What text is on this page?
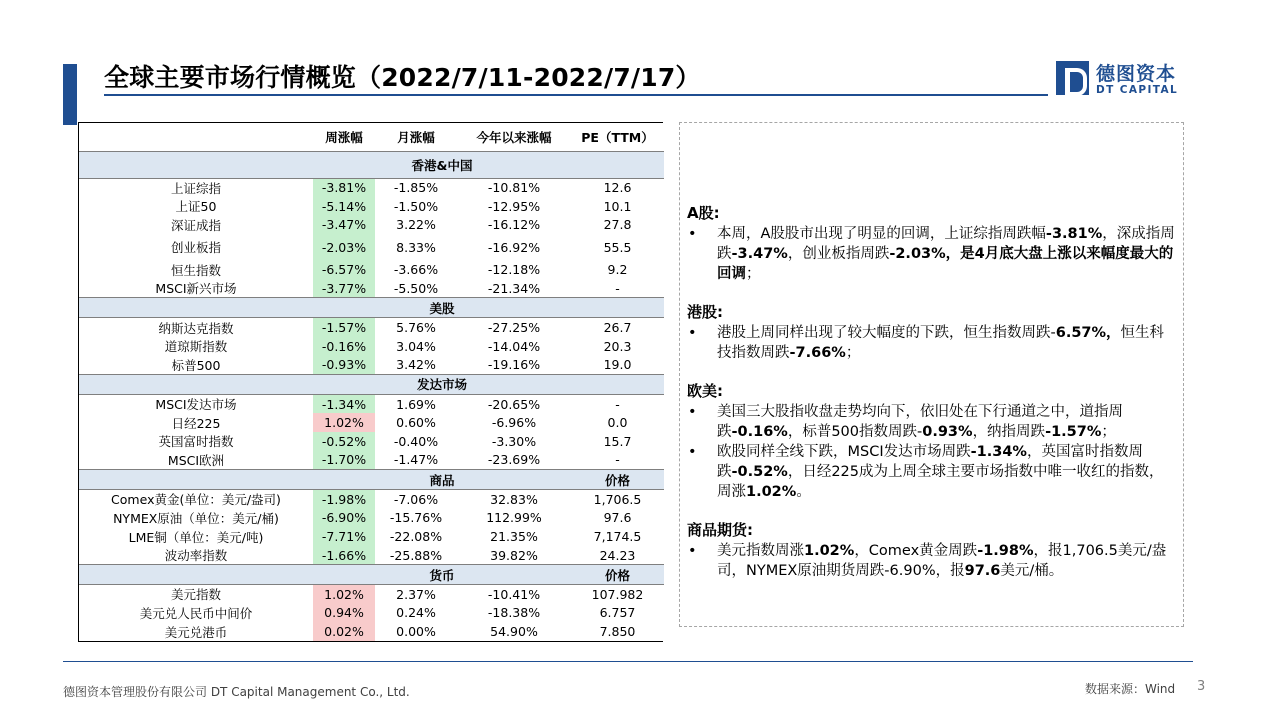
全球主要市场行情概览（2022/7/11-2022/7/17）	德图资本
DT CAPITAL
	周涨幅	月涨幅	今年以来涨幅	PE（TTM）
	香港&中国			
上证综指	-3.81%	-1.85%	-10.81%	12.6
上证50	-5.14%	-1.50%	-12.95%	10.1
深证成指	-3.47%	3.22%	-16.12%	27.8
创业板指	-2.03%	8.33%	-16.92%	55.5
恒生指数	-6.57%	-3.66%	-12.18%	9.2
MSCI新兴市场	-3.77%	-5.50%	-21.34%	-
	美股			
纳斯达克指数	-1.57%	5.76%	-27.25%	26.7
道琼斯指数	-0.16%	3.04%	-14.04%	20.3
标普500	-0.93%	3.42%	-19.16%	19.0
	发达市场			
MSCI发达市场	-1.34%	1.69%	-20.65%	-
日经225	1.02%	0.60%	-6.96%	0.0
英国富时指数	-0.52%	-0.40%	-3.30%	15.7
MSCI欧洲	-1.70%	-1.47%	-23.69%	-
	商品			价格
Comex黄金(单位：美元/盎司)	-1.98%	-7.06%	32.83%	1,706.5
NYMEX原油（单位：美元/桶)	-6.90%	-15.76%	112.99%	97.6
LME铜（单位：美元/吨)	-7.71%	-22.08%	21.35%	7,174.5
波动率指数	-1.66%	-25.88%	39.82%	24.23
	货币			价格
美元指数	1.02%	2.37%	-10.41%	107.982
美元兑人民币中间价	0.94%	0.24%	-18.38%	6.757
美元兑港币	0.02%	0.00%	54.90%	7.850
A股:
• 本周，A股股市出现了明显的回调，上证综指周跌幅-3.81%，深成指周跌-3.47%，创业板指周跌-2.03%，是4月底大盘上涨以来幅度最大的回调；
港股:
• 港股上周同样出现了较大幅度的下跌，恒生指数周跌-6.57%，恒生科技指数周跌-7.66%；
欧美:
• 美国三大股指收盘走势均向下，依旧处在下行通道之中，道指周跌-0.16%，标普500指数周跌-0.93%，纳指周跌-1.57%；
• 欧股同样全线下跌，MSCI发达市场周跌-1.34%，英国富时指数周跌-0.52%，日经225成为上周全球主要市场指数中唯一收红的指数，周涨1.02%。
商品期货:
• 美元指数周涨1.02%，Comex黄金周跌-1.98%，报1,706.5美元/盎司，NYMEX原油期货周跌-6.90%，报97.6美元/桶。
德图资本管理股份有限公司 DT Capital Management Co., Ltd.	数据来源：Wind 3
